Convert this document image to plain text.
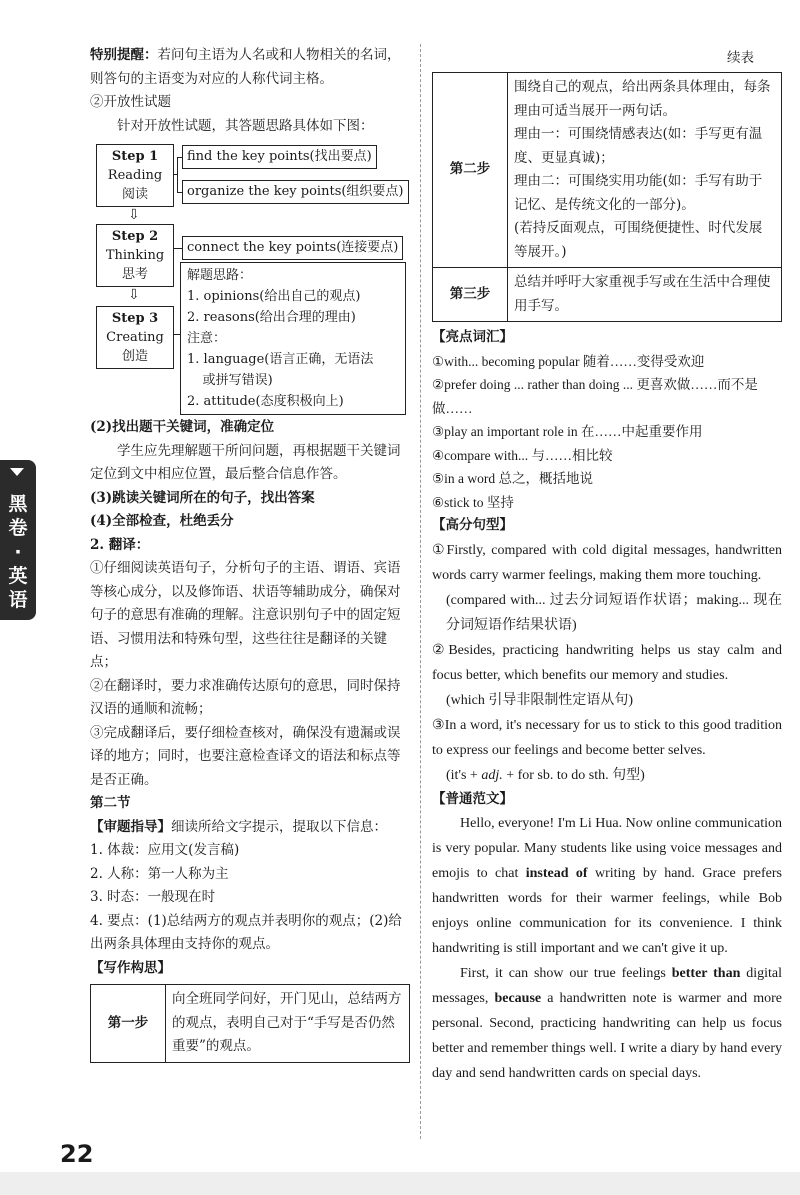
黑卷·英语

特别提醒：若问句主语为人名或和人物相关的名词，则答句的主语变为对应的人称代词主格。

②开放性试题

针对开放性试题，其答题思路具体如下图：

Step 1
Reading
阅读
⇩
Step 2
Thinking
思考
⇩
Step 3
Creating
创造
find the key points(找出要点)
organize the key points(组织要点)
connect the key points(连接要点)
解题思路：
1. opinions(给出自己的观点)
2. reasons(给出合理的理由)
注意：
1. language(语言正确，无语法
或拼写错误)
2. attitude(态度积极向上)

(2)找出题干关键词，准确定位

学生应先理解题干所问问题，再根据题干关键词定位到文中相应位置，最后整合信息作答。

(3)跳读关键词所在的句子，找出答案

(4)全部检查，杜绝丢分

2. 翻译：

①仔细阅读英语句子，分析句子的主语、谓语、宾语等核心成分，以及修饰语、状语等辅助成分，确保对句子的意思有准确的理解。注意识别句子中的固定短语、习惯用法和特殊句型，这些往往是翻译的关键点；

②在翻译时，要力求准确传达原句的意思，同时保持汉语的通顺和流畅；

③完成翻译后，要仔细检查核对，确保没有遗漏或误译的地方；同时，也要注意检查译文的语法和标点等是否正确。

第二节

【审题指导】细读所给文字提示，提取以下信息：

1. 体裁：应用文(发言稿)

2. 人称：第一人称为主

3. 时态：一般现在时

4. 要点：(1)总结两方的观点并表明你的观点；(2)给出两条具体理由支持你的观点。

【写作构思】

第一步	向全班同学问好，开门见山，总结两方的观点，表明自己对于“手写是否仍然重要”的观点。
续表
第二步	围绕自己的观点，给出两条具体理由，每条理由可适当展开一两句话。
理由一：可围绕情感表达(如：手写更有温度、更显真诚)；
理由二：可围绕实用功能(如：手写有助于记忆、是传统文化的一部分)。
(若持反面观点，可围绕便捷性、时代发展等展开。)

第三步	总结并呼吁大家重视手写或在生活中合理使用手写。

【亮点词汇】

①with... becoming popular 随着……变得受欢迎

②prefer doing ... rather than doing ... 更喜欢做……而不是做……

③play an important role in 在……中起重要作用

④compare with... 与……相比较

⑤in a word 总之，概括地说

⑥stick to 坚持

【高分句型】

①Firstly, compared with cold digital messages, handwritten words carry warmer feelings, making them more touching.

(compared with... 过去分词短语作状语；making... 现在分词短语作结果状语)

②Besides, practicing handwriting helps us stay calm and focus better, which benefits our memory and studies.

(which 引导非限制性定语从句)

③In a word, it's necessary for us to stick to this good tradition to express our feelings and become better selves.

(it's + adj. + for sb. to do sth. 句型)

【普通范文】

Hello, everyone! I'm Li Hua. Now online communication is very popular. Many students like using voice messages and emojis to chat instead of writing by hand. Grace prefers handwritten words for their warmer feelings, while Bob enjoys online communication for its convenience. I think handwriting is still important and we can't give it up.

First, it can show our true feelings better than digital messages, because a handwritten note is warmer and more personal. Second, practicing handwriting can help us focus better and remember things well. I write a diary by hand every day and send handwritten cards on special days.

22
